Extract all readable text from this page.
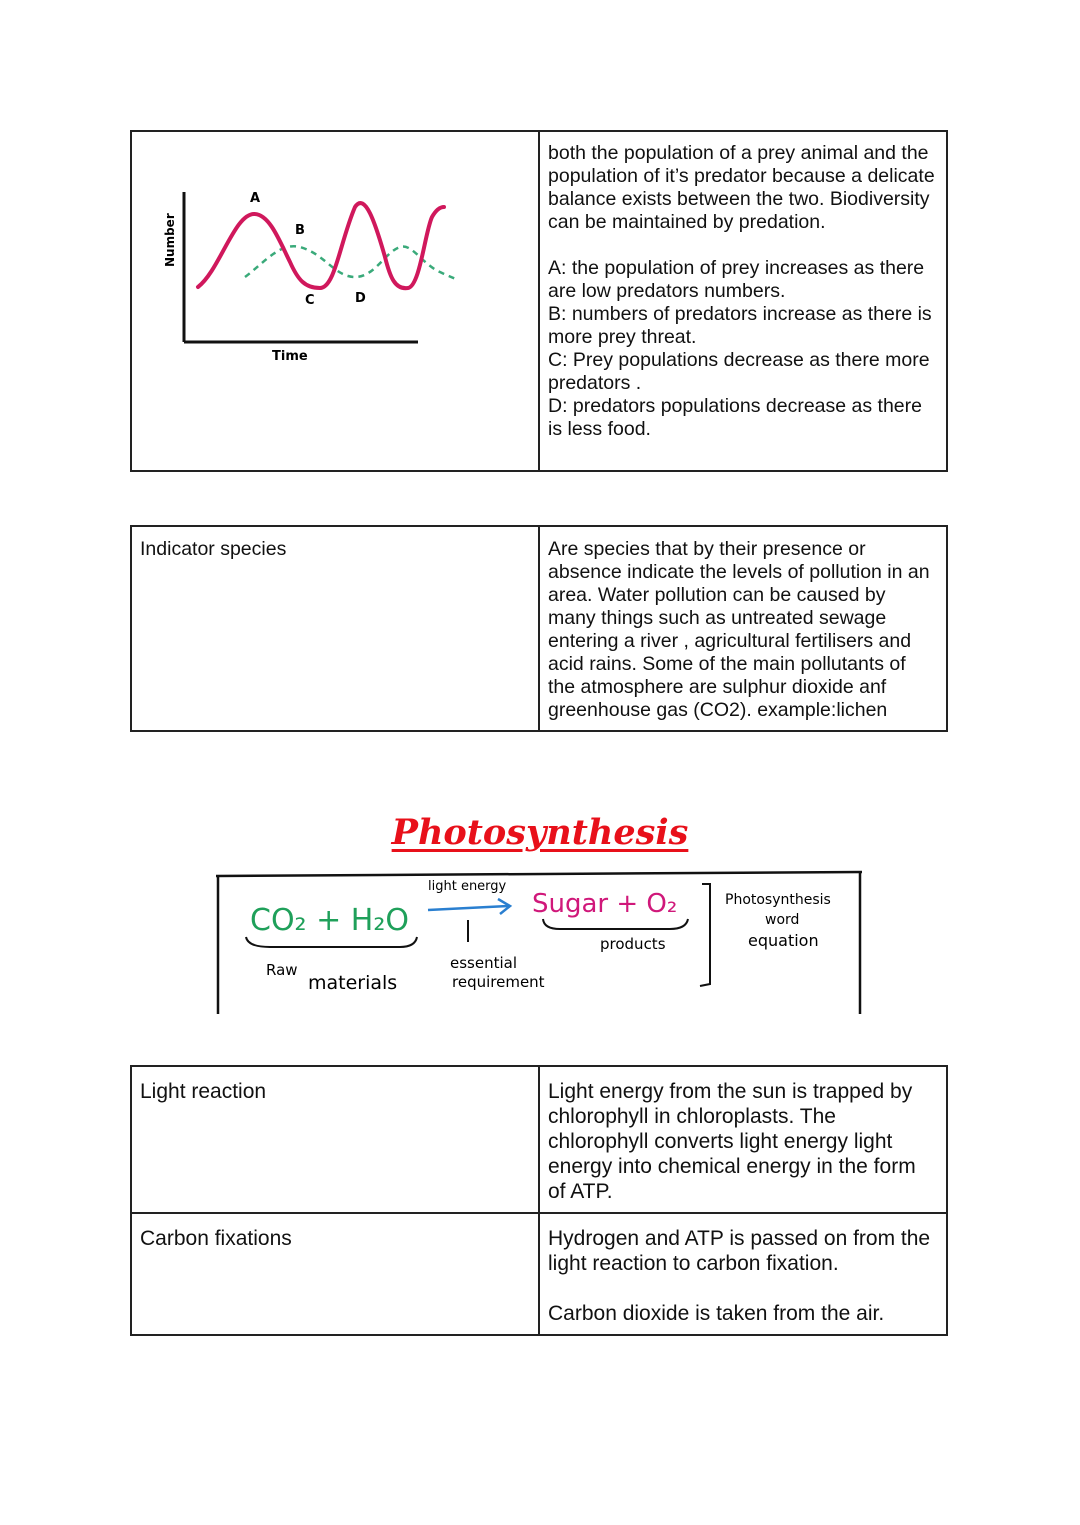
Number
Time
A
B
C	D

both the population of a prey animal and the population of it’s predator because a delicate balance exists between the two. Biodiversity can be maintained by predation.

A: the population of prey increases as there are low predators numbers.

B: numbers of predators increase as there is more prey threat.

C: Prey populations decrease as there more predators .

D: predators populations decrease as there is less food.

Indicator species	Are species that by their presence or absence indicate the levels of pollution in an area. Water pollution can be caused by many things such as untreated sewage entering a river , agricultural fertilisers and acid rains. Some of the main pollutants of the atmosphere are sulphur dioxide anf greenhouse gas (CO2). example:lichen
Photosynthesis
CO₂ + H₂O
Raw
materials
light energy
essential
requirement
Sugar + O₂
products
Photosynthesis
word
equation
Light reaction	Light energy from the sun is trapped by chlorophyll in chloroplasts. The chlorophyll converts light energy light energy into chemical energy in the form of ATP.

Carbon fixations	Hydrogen and ATP is passed on from the light reaction to carbon fixation.

Carbon dioxide is taken from the air.
